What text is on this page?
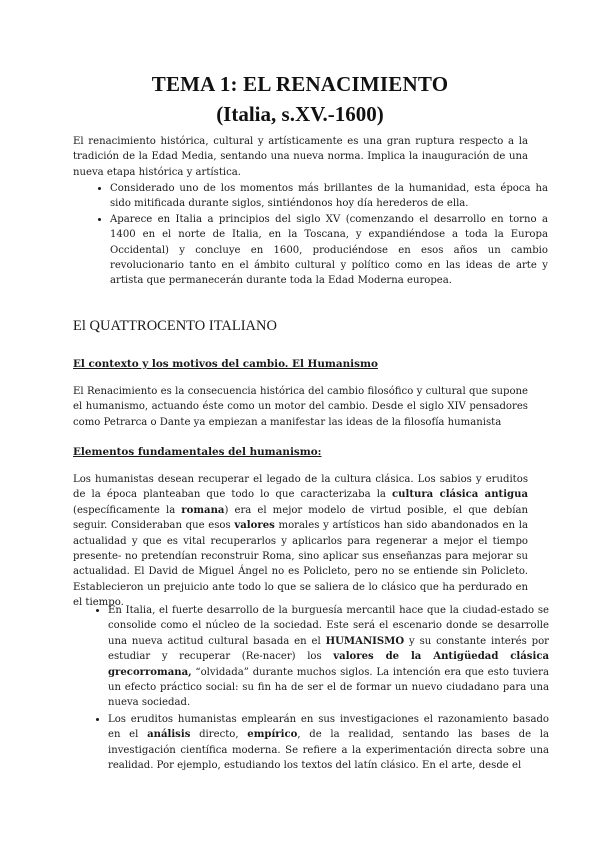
TEMA 1: EL RENACIMIENTO
(Italia, s.XV.-1600)

El renacimiento histórica, cultural y artísticamente es una gran ruptura respecto a la tradición de la Edad Media, sentando una nueva norma. Implica la inauguración de una nueva etapa histórica y artística.

• Considerado uno de los momentos más brillantes de la humanidad, esta época ha sido mitificada durante siglos, sintiéndonos hoy día herederos de ella.
• Aparece en Italia a principios del siglo XV (comenzando el desarrollo en torno a 1400 en el norte de Italia, en la Toscana, y expandiéndose a toda la Europa Occidental) y concluye en 1600, produciéndose en esos años un cambio revolucionario tanto en el ámbito cultural y político como en las ideas de arte y artista que permanecerán durante toda la Edad Moderna europea.
El QUATTROCENTO ITALIANO
El contexto y los motivos del cambio. El Humanismo

El Renacimiento es la consecuencia histórica del cambio filosófico y cultural que supone el humanismo, actuando éste como un motor del cambio. Desde el siglo XIV pensadores como Petrarca o Dante ya empiezan a manifestar las ideas de la filosofía humanista

Elementos fundamentales del humanismo:

Los humanistas desean recuperar el legado de la cultura clásica. Los sabios y eruditos de la época planteaban que todo lo que caracterizaba la cultura clásica antigua (específicamente la romana) era el mejor modelo de virtud posible, el que debían seguir. Consideraban que esos valores morales y artísticos han sido abandonados en la actualidad y que es vital recuperarlos y aplicarlos para regenerar a mejor el tiempo presente- no pretendían reconstruir Roma, sino aplicar sus enseñanzas para mejorar su actualidad. El David de Miguel Ángel no es Policleto, pero no se entiende sin Policleto. Establecieron un prejuicio ante todo lo que se saliera de lo clásico que ha perdurado en el tiempo.

• En Italia, el fuerte desarrollo de la burguesía mercantil hace que la ciudad-estado se consolide como el núcleo de la sociedad. Este será el escenario donde se desarrolle una nueva actitud cultural basada en el HUMANISMO y su constante interés por estudiar y recuperar (Re-nacer) los valores de la Antigüedad clásica grecorromana, “olvidada” durante muchos siglos. La intención era que esto tuviera un efecto práctico social: su fin ha de ser el de formar un nuevo ciudadano para una nueva sociedad.
• Los eruditos humanistas emplearán en sus investigaciones el razonamiento basado en el análisis directo, empírico, de la realidad, sentando las bases de la investigación científica moderna. Se refiere a la experimentación directa sobre una realidad. Por ejemplo, estudiando los textos del latín clásico. En el arte, desde el
